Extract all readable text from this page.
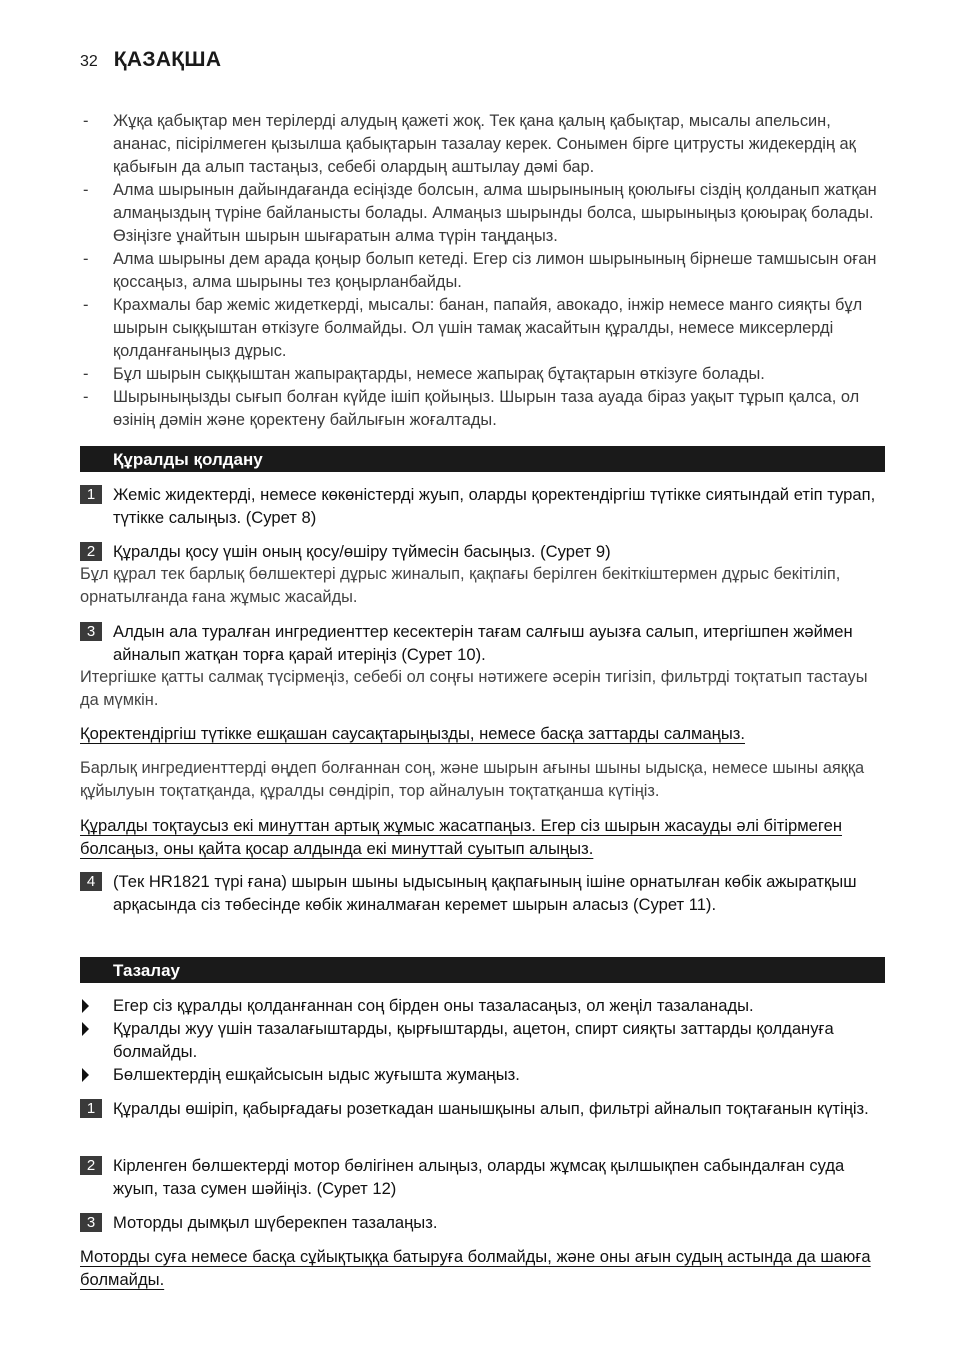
32 ҚАЗАҚША
- Жұқа қабықтар мен терілерді алудың қажеті жоқ. Тек қана қалың қабықтар, мысалы апельсин, ананас, пісірілмеген қызылша қабықтарын тазалау керек. Сонымен бірге цитрусты жидекердің ақ қабығын да алып тастаңыз, себебі олардың аштылау дәмі бар.
- Алма шырынын дайындағанда есіңізде болсын, алма шырынының қоюлығы сіздің қолданып жатқан алмаңыздың түріне байланысты болады. Алмаңыз шырынды болса, шырыныңыз қоюырақ болады. Өзіңізге ұнайтын шырын шығаратын алма түрін таңдаңыз.
- Алма шырыны дем арада қоңыр болып кетеді. Егер сіз лимон шырынының бірнеше тамшысын оған қоссаңыз, алма шырыны тез қоңырланбайды.
- Крахмалы бар жеміс жидеткерді, мысалы: банан, папайя, авокадо, інжір немесе манго сияқты бұл шырын сыққыштан өткізуге болмайды. Ол үшін тамақ жасайтын құралды, немесе миксерлерді қолданғаныңыз дұрыс.
- Бұл шырын сыққыштан жапырақтарды, немесе жапырақ бұтақтарын өткізуге болады.
- Шырыныңызды сығып болған күйде ішіп қойыңыз. Шырын таза ауада біраз уақыт тұрып қалса, ол өзінің дәмін және қоректену байлығын жоғалтады.
Құралды қолдану
1	Жеміс жидектерді, немесе көкөністерді жуып, оларды қоректендіргіш түтікке сиятындай етіп турап, түтікке салыңыз. (Сурет 8)
2	Құралды қосу үшін оның қосу/өшіру түймесін басыңыз. (Сурет 9)
Бұл құрал тек барлық бөлшектері дұрыс жиналып, қақпағы берілген бекіткіштермен дұрыс бекітіліп, орнатылғанда ғана жұмыс жасайды.
3	Алдын ала туралған ингредиенттер кесектерін тағам салғыш ауызға салып, итергішпен жәймен айналып жатқан торға қарай итеріңіз (Сурет 10).
Итергішке қатты салмақ түсірмеңіз, себебі ол соңғы нәтижеге әсерін тигізіп, фильтрді тоқтатып тастауы да мүмкін.
Қоректендіргіш түтікке ешқашан саусақтарыңызды, немесе басқа заттарды салмаңыз.
Барлық ингредиенттерді өңдеп болғаннан соң, және шырын ағыны шыны ыдысқа, немесе шыны аяққа құйылуын тоқтатқанда, құралды сөндіріп, тор айналуын тоқтатқанша күтіңіз.
Құралды тоқтаусыз екі минуттан артық жұмыс жасатпаңыз. Егер сіз шырын жасауды әлі бітірмеген болсаңыз, оны қайта қосар алдында екі минуттай суытып алыңыз.
4	(Тек HR1821 түрі ғана) шырын шыны ыдысының қақпағының ішіне орнатылған көбік ажыратқыш арқасында сіз төбесінде көбік жиналмаған керемет шырын аласыз (Сурет 11).
Тазалау
Егер сіз құралды қолданғаннан соң бірден оны тазаласаңыз, ол жеңіл тазаланады.
Құралды жуу үшін тазалағыштарды, қырғыштарды, ацетон, спирт сияқты заттарды қолдануға болмайды.
Бөлшектердің ешқайсысын ыдыс жуғышта жумаңыз.
1	Құралды өшіріп, қабырғадағы розеткадан шанышқыны алып, фильтрі айналып тоқтағанын күтіңіз.
2	Кірленген бөлшектерді мотор бөлігінен алыңыз, оларды жұмсақ қылшықпен сабындалған суда жуып, таза сумен шәйіңіз. (Сурет 12)
3	Моторды дымқыл шүберекпен тазалаңыз.
Моторды суға немесе басқа сұйықтыққа батыруға болмайды, және оны ағын судың астында да шаюға болмайды.
